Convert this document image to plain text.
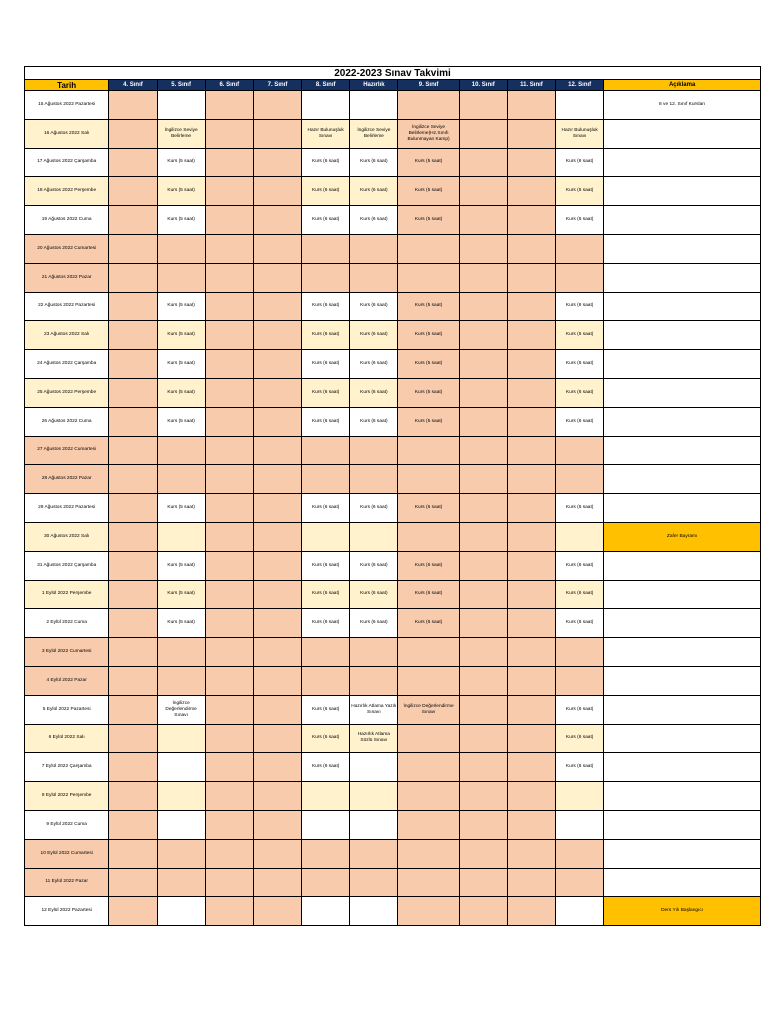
2022-2023 Sınav Takvimi											
Tarih	4. Sınıf	5. Sınıf	6. Sınıf	7. Sınıf	8. Sınıf	Hazırlık	9. Sınıf	10. Sınıf	11. Sınıf	12. Sınıf	Açıklama
15 Ağustos 2022 Pazartesi											8 ve 12. Sınıf Kursları
16 Ağustos 2022 Salı		İngilizce Seviye Belirleme			Hazır Bulunuşluk Sınavı	İngilizce Seviye Belirleme	İngilizce Seviye Belirleme(Hz.Sınıfı Bulunmayan Kamp)			Hazır Bulunuşluk Sınavı	
17 Ağustos 2022 Çarşamba		Kurs (5 saat)			Kurs (6 saat)	Kurs (6 saat)	Kurs (5 saat)			Kurs (6 saat)	
18 Ağustos 2022 Perşembe		Kurs (5 saat)			Kurs (6 saat)	Kurs (6 saat)	Kurs (5 saat)			Kurs (6 saat)	
19 Ağustos 2022 Cuma		Kurs (5 saat)			Kurs (6 saat)	Kurs (6 saat)	Kurs (5 saat)			Kurs (6 saat)	
20 Ağustos 2022 Cumartesi											
21 Ağustos 2022 Pazar											
22 Ağustos 2022 Pazartesi		Kurs (5 saat)			Kurs (6 saat)	Kurs (6 saat)	Kurs (5 saat)			Kurs (6 saat)	
23 Ağustos 2022 Salı		Kurs (5 saat)			Kurs (6 saat)	Kurs (6 saat)	Kurs (5 saat)			Kurs (6 saat)	
24 Ağustos 2022 Çarşamba		Kurs (5 saat)			Kurs (6 saat)	Kurs (6 saat)	Kurs (5 saat)			Kurs (6 saat)	
25 Ağustos 2022 Perşembe		Kurs (5 saat)			Kurs (6 saat)	Kurs (6 saat)	Kurs (5 saat)			Kurs (6 saat)	
26 Ağustos 2022 Cuma		Kurs (5 saat)			Kurs (6 saat)	Kurs (6 saat)	Kurs (5 saat)			Kurs (6 saat)	
27 Ağustos 2022 Cumartesi											
28 Ağustos 2022 Pazar											
29 Ağustos 2022 Pazartesi		Kurs (5 saat)			Kurs (6 saat)	Kurs (6 saat)	Kurs (6 saat)			Kurs (6 saat)	
30 Ağustos 2022 Salı											Zafer Bayramı
31 Ağustos 2022 Çarşamba		Kurs (5 saat)			Kurs (6 saat)	Kurs (6 saat)	Kurs (6 saat)			Kurs (6 saat)	
1 Eylül 2022 Perşembe		Kurs (5 saat)			Kurs (6 saat)	Kurs (6 saat)	Kurs (6 saat)			Kurs (6 saat)	
2 Eylül 2022 Cuma		Kurs (5 saat)			Kurs (6 saat)	Kurs (6 saat)	Kurs (6 saat)			Kurs (6 saat)	
3 Eylül 2022 Cumartesi											
4 Eylül 2022 Pazar											
5 Eylül 2022 Pazartesi		İngilizce Değerlendirme Sınavı			Kurs (6 saat)	Hazırlık Atlama Yazılı Sınavı	İngilizce Değerlendirme Sınavı			Kurs (6 saat)	
6 Eylül 2022 Salı					Kurs (6 saat)	Hazırlık Atlama Sözlü Sınavı				Kurs (6 saat)	
7 Eylül 2022 Çarşamba					Kurs (6 saat)					Kurs (6 saat)	
8 Eylül 2022 Perşembe											
9 Eylül 2022 Cuma											
10 Eylül 2022 Cumartesi											
11 Eylül 2022 Pazar											
12 Eylül 2022 Pazartesi											Ders Yılı Başlangıcı
